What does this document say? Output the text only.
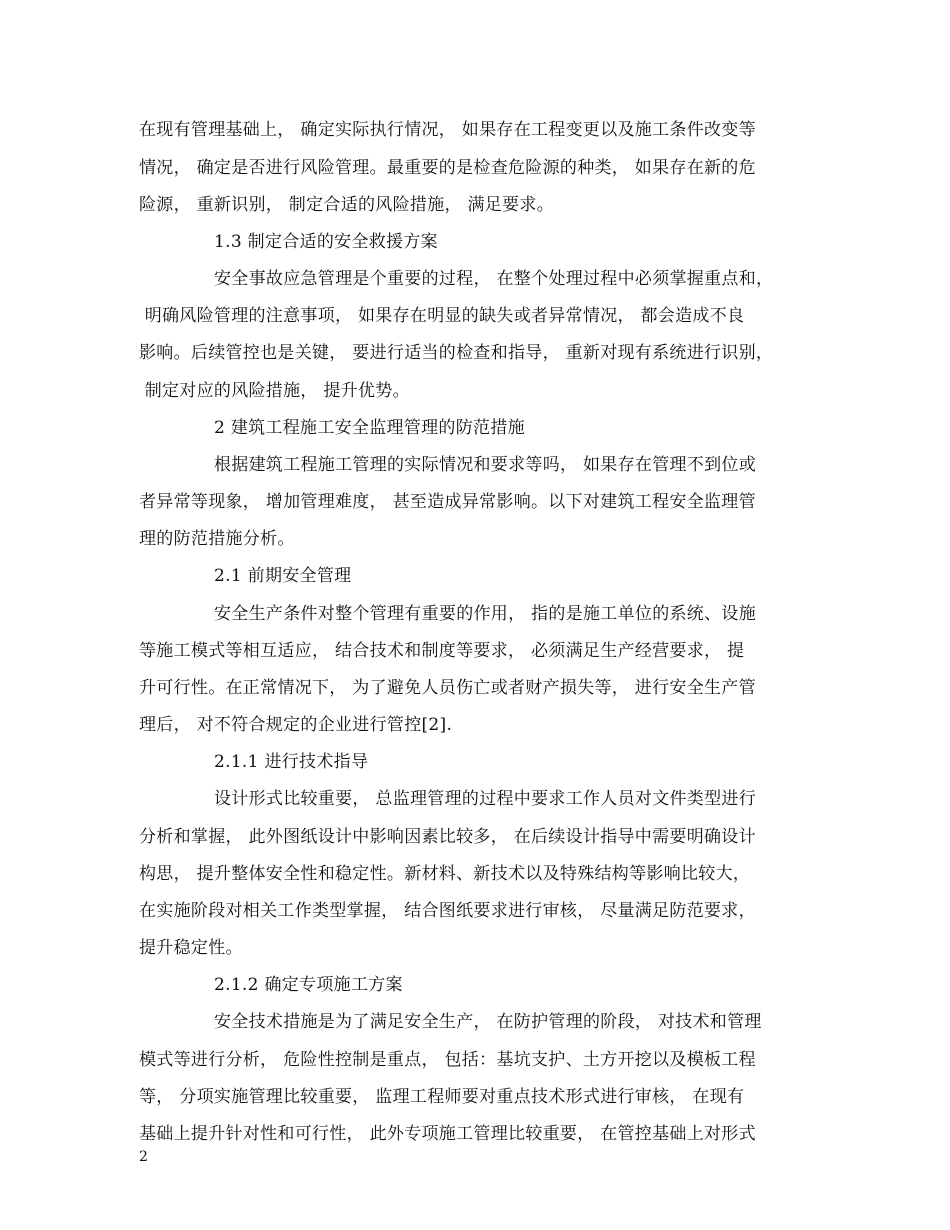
在现有管理基础上， 确定实际执行情况， 如果存在工程变更以及施工条件改变等
情况， 确定是否进行风险管理。最重要的是检查危险源的种类， 如果存在新的危
险源， 重新识别， 制定合适的风险措施， 满足要求。
1.3 制定合适的安全救援方案
安全事故应急管理是个重要的过程， 在整个处理过程中必须掌握重点和，
明确风险管理的注意事项， 如果存在明显的缺失或者异常情况， 都会造成不良
影响。后续管控也是关键， 要进行适当的检查和指导， 重新对现有系统进行识别，
制定对应的风险措施， 提升优势。
2 建筑工程施工安全监理管理的防范措施
根据建筑工程施工管理的实际情况和要求等吗， 如果存在管理不到位或
者异常等现象， 增加管理难度， 甚至造成异常影响。以下对建筑工程安全监理管
理的防范措施分析。
2.1 前期安全管理
安全生产条件对整个管理有重要的作用， 指的是施工单位的系统、设施
等施工模式等相互适应， 结合技术和制度等要求， 必须满足生产经营要求， 提
升可行性。在正常情况下， 为了避免人员伤亡或者财产损失等， 进行安全生产管
理后， 对不符合规定的企业进行管控[2].
2.1.1 进行技术指导
设计形式比较重要， 总监理管理的过程中要求工作人员对文件类型进行
分析和掌握， 此外图纸设计中影响因素比较多， 在后续设计指导中需要明确设计
构思， 提升整体安全性和稳定性。新材料、新技术以及特殊结构等影响比较大，
在实施阶段对相关工作类型掌握， 结合图纸要求进行审核， 尽量满足防范要求，
提升稳定性。
2.1.2 确定专项施工方案
安全技术措施是为了满足安全生产， 在防护管理的阶段， 对技术和管理
模式等进行分析， 危险性控制是重点， 包括：基坑支护、土方开挖以及模板工程
等， 分项实施管理比较重要， 监理工程师要对重点技术形式进行审核， 在现有
基础上提升针对性和可行性， 此外专项施工管理比较重要， 在管控基础上对形式
2
